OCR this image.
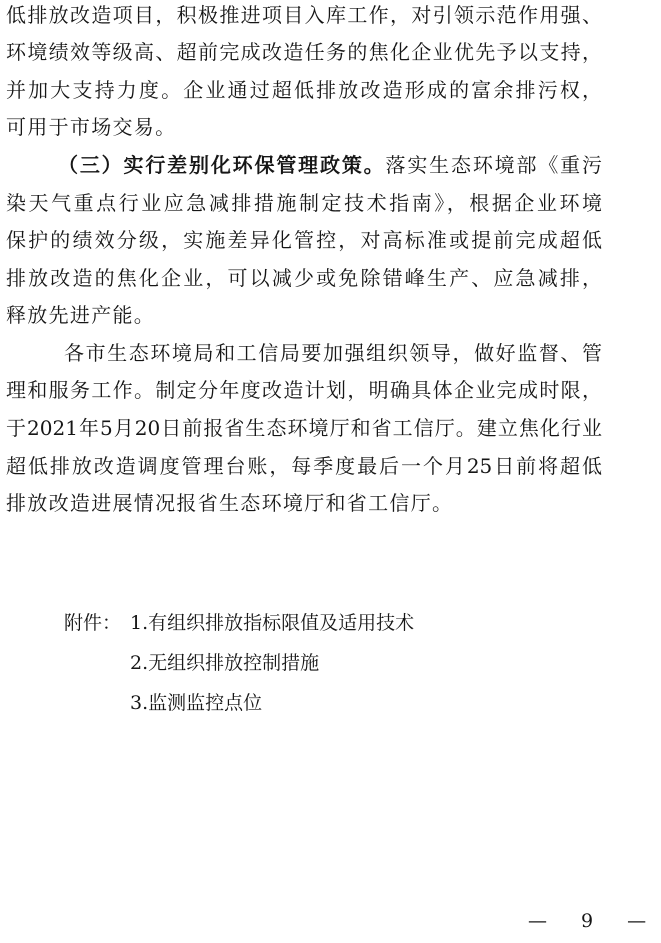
低排放改造项目，积极推进项目入库工作，对引领示范作用强、
环境绩效等级高、超前完成改造任务的焦化企业优先予以支持，
并加大支持力度。企业通过超低排放改造形成的富余排污权，
可用于市场交易。
（三）实行差别化环保管理政策。落实生态环境部《重污
染天气重点行业应急减排措施制定技术指南》，根据企业环境
保护的绩效分级，实施差异化管控，对高标准或提前完成超低
排放改造的焦化企业，可以减少或免除错峰生产、应急减排，
释放先进产能。
各市生态环境局和工信局要加强组织领导，做好监督、管
理和服务工作。制定分年度改造计划，明确具体企业完成时限，
于2021年5月20日前报省生态环境厅和省工信厅。建立焦化行业
超低排放改造调度管理台账，每季度最后一个月25日前将超低
排放改造进展情况报省生态环境厅和省工信厅。
附件： 1.有组织排放指标限值及适用技术
2.无组织排放控制措施
3.监测监控点位
— 9 —
